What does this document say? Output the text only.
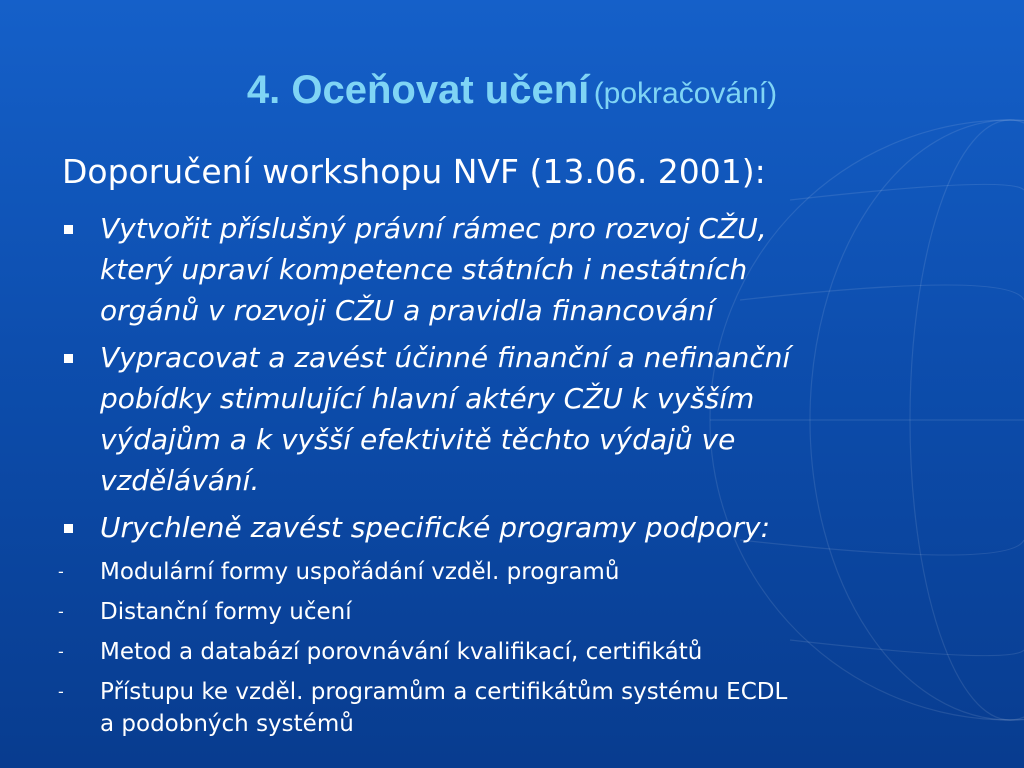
4. Oceňovat učení (pokračování)
Doporučení workshopu NVF (13.06. 2001):
Vytvořit příslušný právní rámec pro rozvoj CŽU,
který upraví kompetence státních i nestátních
orgánů v rozvoji CŽU a pravidla financování
Vypracovat a zavést účinné finanční a nefinanční
pobídky stimulující hlavní aktéry CŽU k vyšším
výdajům a k vyšší efektivitě těchto výdajů ve
vzdělávání.
Urychleně zavést specifické programy podpory:
- Modulární formy uspořádání vzděl. programů
- Distanční formy učení
- Metod a databází porovnávání kvalifikací, certifikátů
- Přístupu ke vzděl. programům a certifikátům systému ECDL
a podobných systémů
